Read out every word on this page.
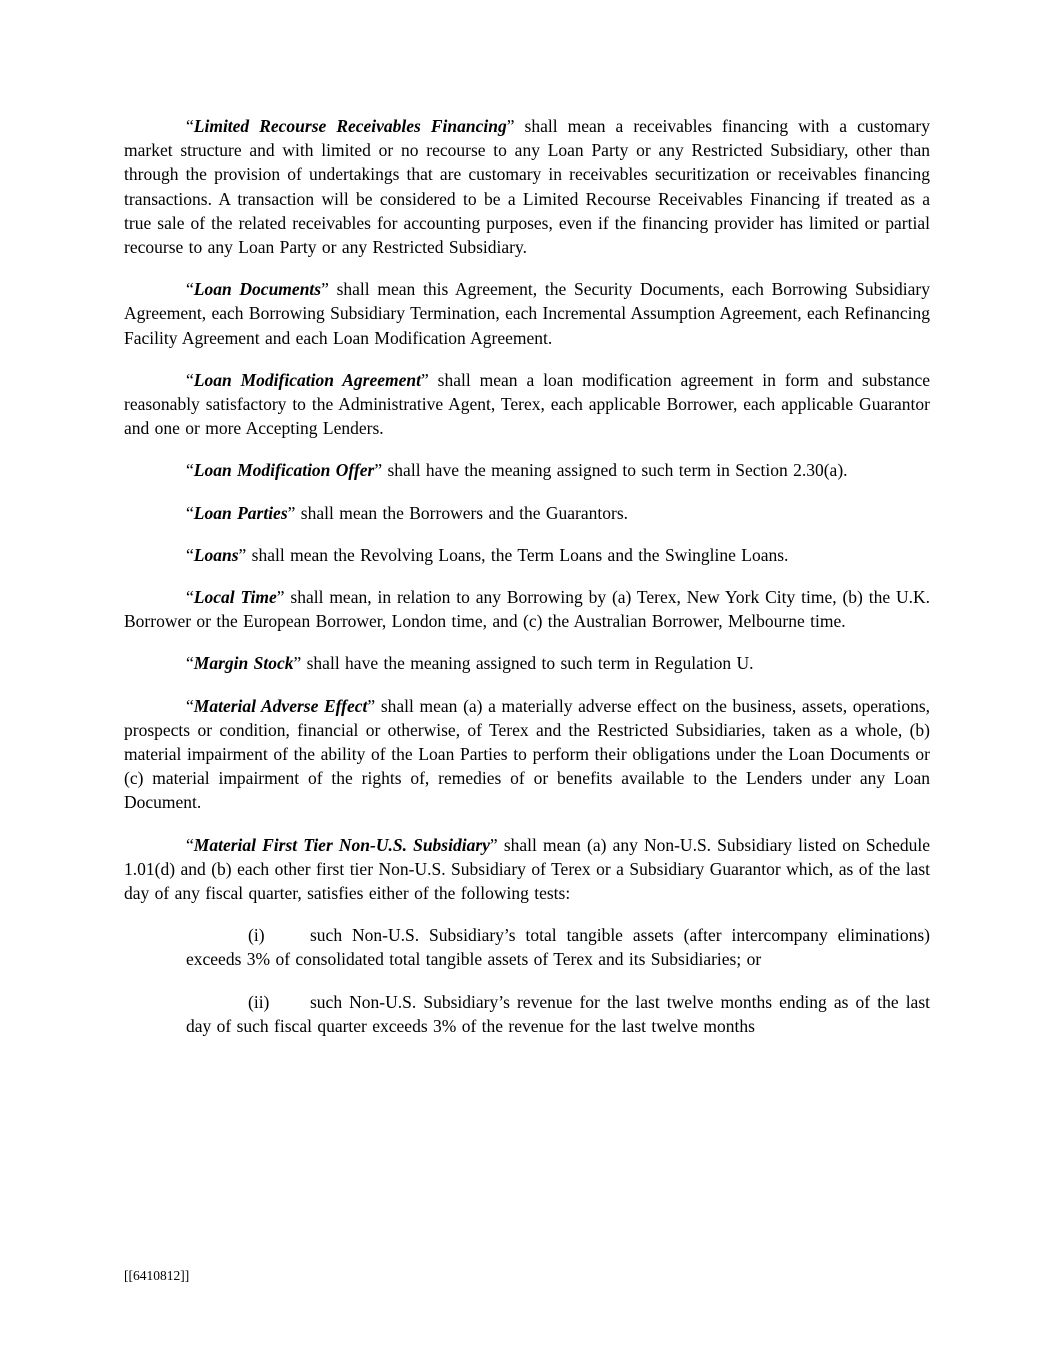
“Limited Recourse Receivables Financing” shall mean a receivables financing with a customary market structure and with limited or no recourse to any Loan Party or any Restricted Subsidiary, other than through the provision of undertakings that are customary in receivables securitization or receivables financing transactions. A transaction will be considered to be a Limited Recourse Receivables Financing if treated as a true sale of the related receivables for accounting purposes, even if the financing provider has limited or partial recourse to any Loan Party or any Restricted Subsidiary.

“Loan Documents” shall mean this Agreement, the Security Documents, each Borrowing Subsidiary Agreement, each Borrowing Subsidiary Termination, each Incremental Assumption Agreement, each Refinancing Facility Agreement and each Loan Modification Agreement.

“Loan Modification Agreement” shall mean a loan modification agreement in form and substance reasonably satisfactory to the Administrative Agent, Terex, each applicable Borrower, each applicable Guarantor and one or more Accepting Lenders.

“Loan Modification Offer” shall have the meaning assigned to such term in Section 2.30(a).

“Loan Parties” shall mean the Borrowers and the Guarantors.

“Loans” shall mean the Revolving Loans, the Term Loans and the Swingline Loans.

“Local Time” shall mean, in relation to any Borrowing by (a) Terex, New York City time, (b) the U.K. Borrower or the European Borrower, London time, and (c) the Australian Borrower, Melbourne time.

“Margin Stock” shall have the meaning assigned to such term in Regulation U.

“Material Adverse Effect” shall mean (a) a materially adverse effect on the business, assets, operations, prospects or condition, financial or otherwise, of Terex and the Restricted Subsidiaries, taken as a whole, (b) material impairment of the ability of the Loan Parties to perform their obligations under the Loan Documents or (c) material impairment of the rights of, remedies of or benefits available to the Lenders under any Loan Document.

“Material First Tier Non-U.S. Subsidiary” shall mean (a) any Non-U.S. Subsidiary listed on Schedule 1.01(d) and (b) each other first tier Non-U.S. Subsidiary of Terex or a Subsidiary Guarantor which, as of the last day of any fiscal quarter, satisfies either of the following tests:

(i)	such Non-U.S. Subsidiary’s total tangible assets (after intercompany eliminations) exceeds 3% of consolidated total tangible assets of Terex and its Subsidiaries; or

(ii) such Non-U.S. Subsidiary’s revenue for the last twelve months ending as of the last day of such fiscal quarter exceeds 3% of the revenue for the last twelve months

[[6410812]]
